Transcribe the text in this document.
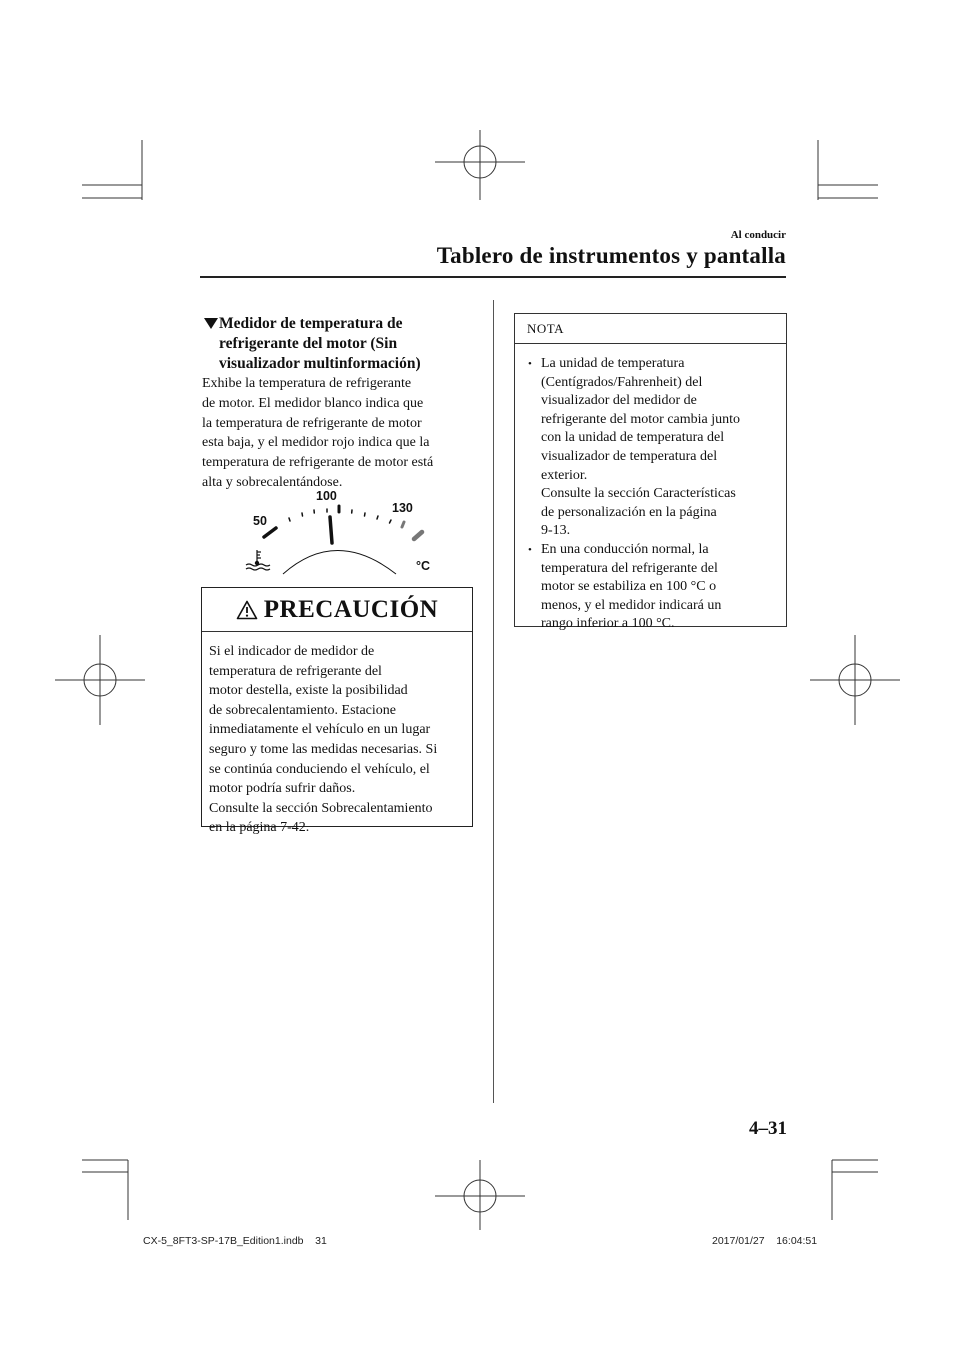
Al conducir
Tablero de instrumentos y pantalla
Medidor de temperatura de
refrigerante del motor (Sin
visualizador multinformación)
Exhibe la temperatura de refrigerante
de motor. El medidor blanco indica que
la temperatura de refrigerante de motor
esta baja, y el medidor rojo indica que la
temperatura de refrigerante de motor está
alta y sobrecalentándose.
50
100
130
°C
PRECAUCIÓN
Si el indicador de medidor de
temperatura de refrigerante del
motor destella, existe la posibilidad
de sobrecalentamiento. Estacione
inmediatamente el vehículo en un lugar
seguro y tome las medidas necesarias. Si
se continúa conduciendo el vehículo, el
motor podría sufrir daños.
Consulte la sección Sobrecalentamiento
en la página 7-42.
NOTA
• La unidad de temperatura
(Centígrados/Fahrenheit) del
visualizador del medidor de
refrigerante del motor cambia junto
con la unidad de temperatura del
visualizador de temperatura del
exterior.
Consulte la sección Características
de personalización en la página
9-13.
• En una conducción normal, la
temperatura del refrigerante del
motor se estabiliza en 100 °C o
menos, y el medidor indicará un
rango inferior a 100 °C.
4–31
CX-5_8FT3-SP-17B_Edition1.indb    31	2017/01/27    16:04:51
